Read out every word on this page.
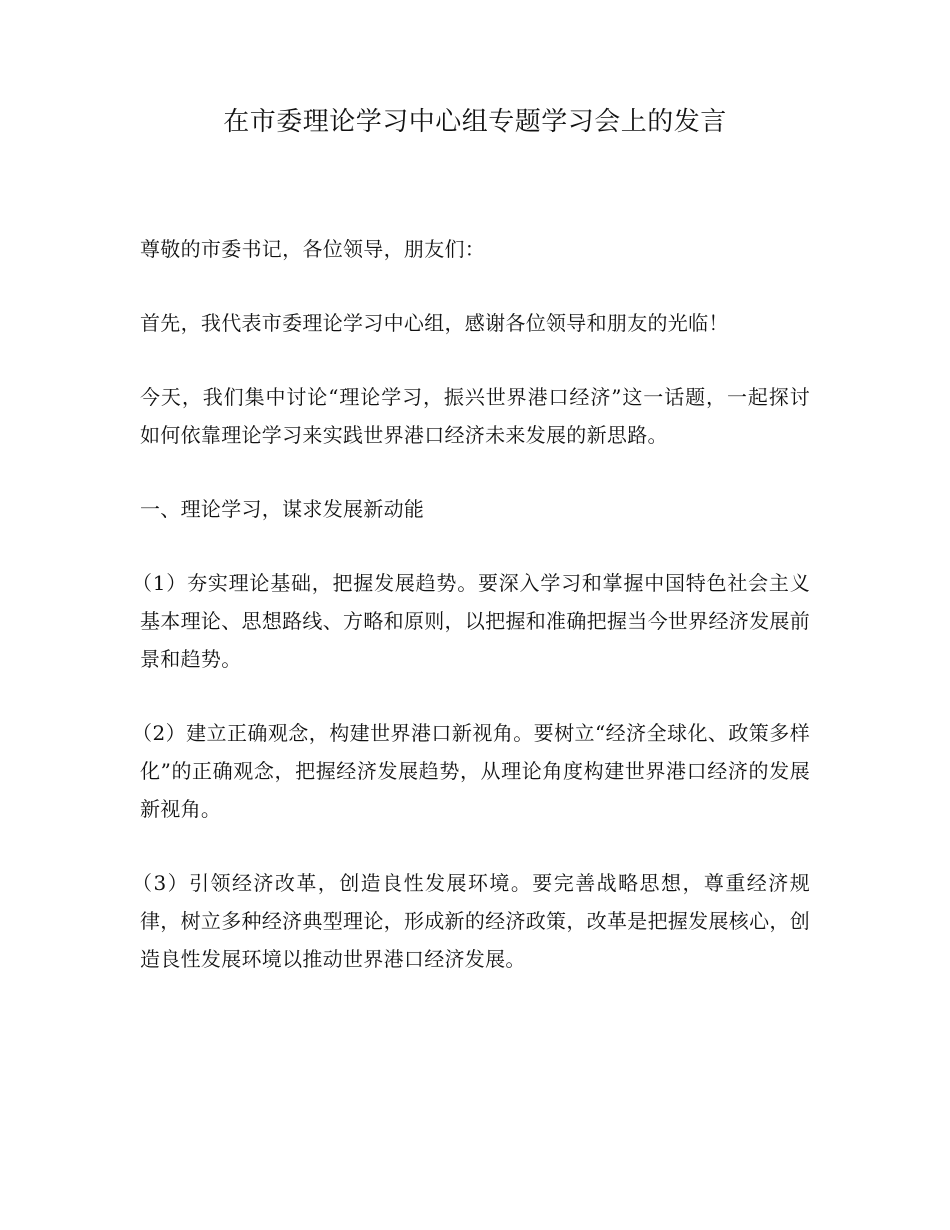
在市委理论学习中心组专题学习会上的发言

尊敬的市委书记，各位领导，朋友们：

首先，我代表市委理论学习中心组，感谢各位领导和朋友的光临！

今天，我们集中讨论“理论学习，振兴世界港口经济”这一话题，一起探讨如何依靠理论学习来实践世界港口经济未来发展的新思路。

一、理论学习，谋求发展新动能

（1）夯实理论基础，把握发展趋势。要深入学习和掌握中国特色社会主义基本理论、思想路线、方略和原则，以把握和准确把握当今世界经济发展前景和趋势。

（2）建立正确观念，构建世界港口新视角。要树立“经济全球化、政策多样化”的正确观念，把握经济发展趋势，从理论角度构建世界港口经济的发展新视角。

（3）引领经济改革，创造良性发展环境。要完善战略思想，尊重经济规律，树立多种经济典型理论，形成新的经济政策，改革是把握发展核心，创造良性发展环境以推动世界港口经济发展。
